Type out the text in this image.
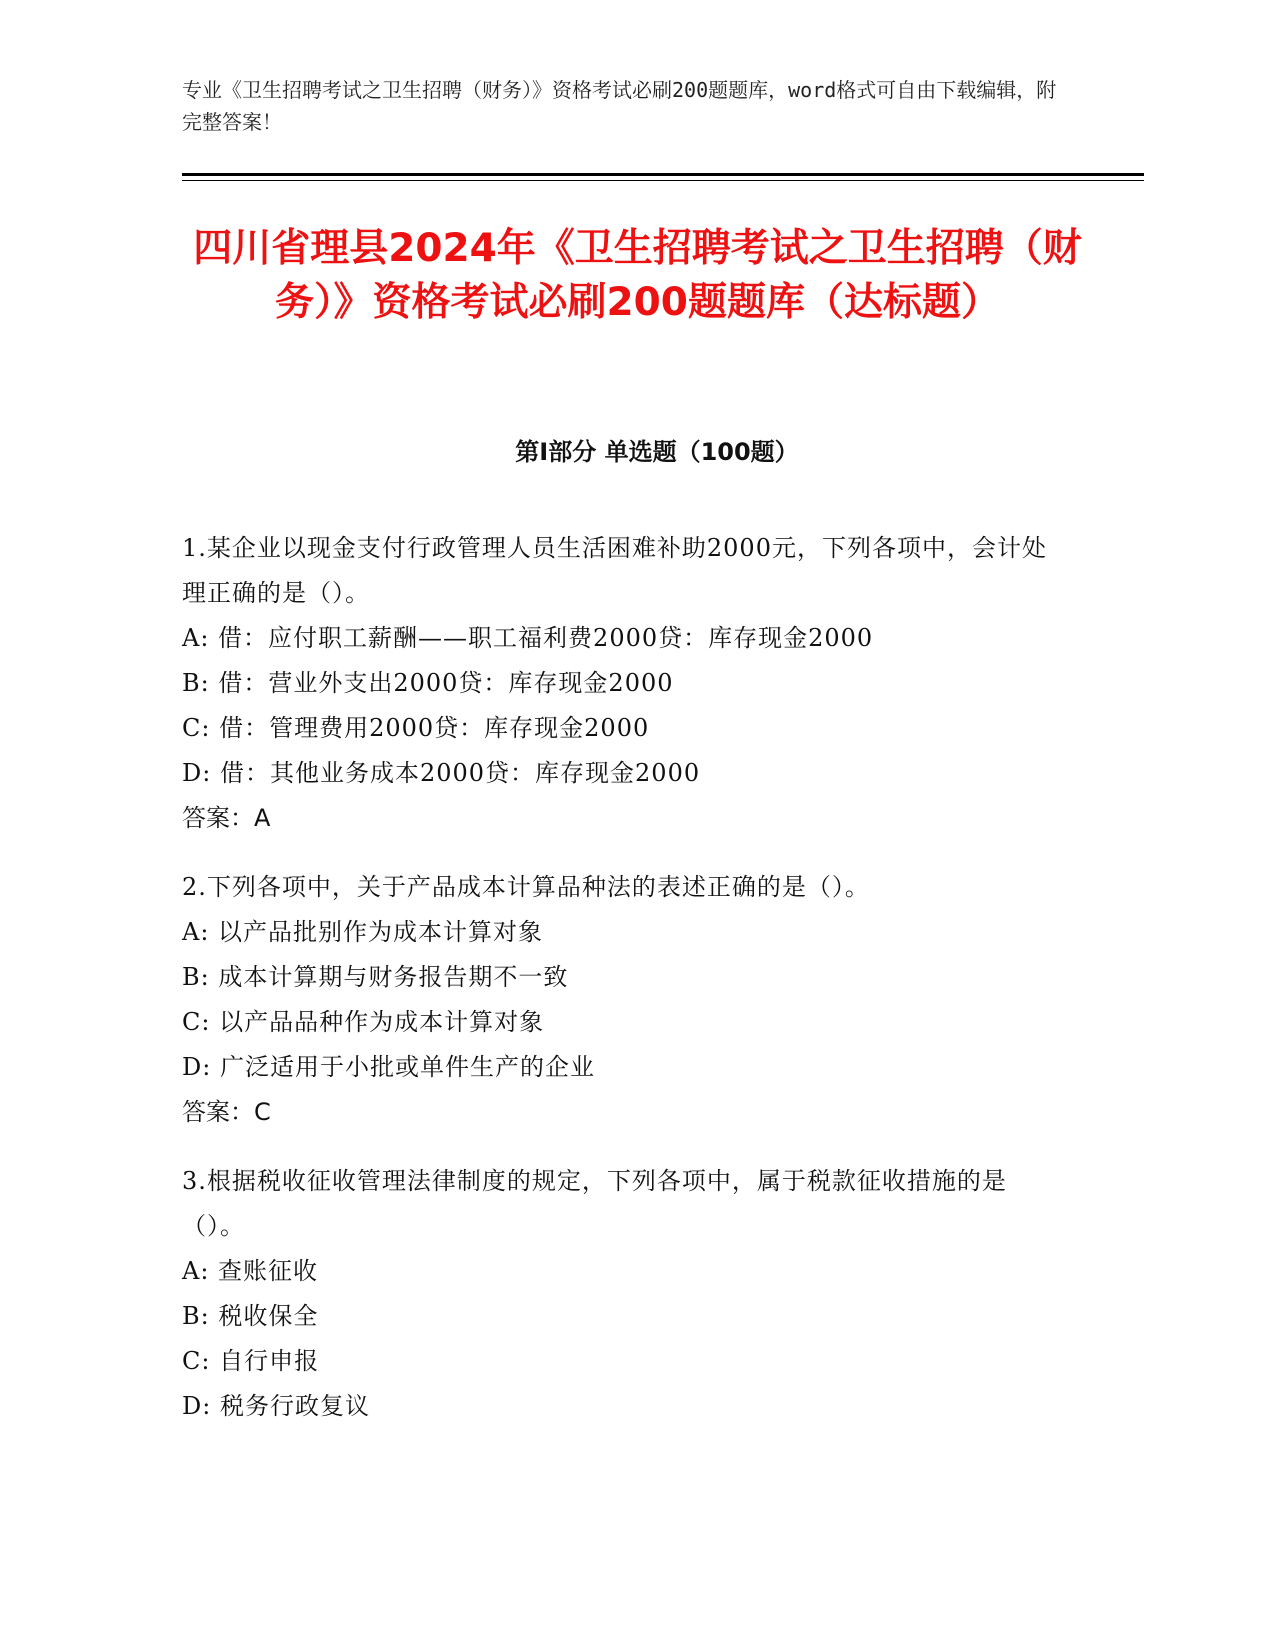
专业《卫生招聘考试之卫生招聘（财务）》资格考试必刷200题题库，word格式可自由下载编辑，附完整答案！
四川省理县2024年《卫生招聘考试之卫生招聘（财务）》资格考试必刷200题题库（达标题）
第I部分 单选题（100题）
1.某企业以现金支付行政管理人员生活困难补助2000元，下列各项中，会计处理正确的是（）。
A: 借：应付职工薪酬——职工福利费2000贷：库存现金2000
B: 借：营业外支出2000贷：库存现金2000
C: 借：管理费用2000贷：库存现金2000
D: 借：其他业务成本2000贷：库存现金2000
答案：A
2.下列各项中，关于产品成本计算品种法的表述正确的是（）。
A: 以产品批别作为成本计算对象
B: 成本计算期与财务报告期不一致
C: 以产品品种作为成本计算对象
D: 广泛适用于小批或单件生产的企业
答案：C
3.根据税收征收管理法律制度的规定，下列各项中，属于税款征收措施的是（）。
A: 查账征收
B: 税收保全
C: 自行申报
D: 税务行政复议
